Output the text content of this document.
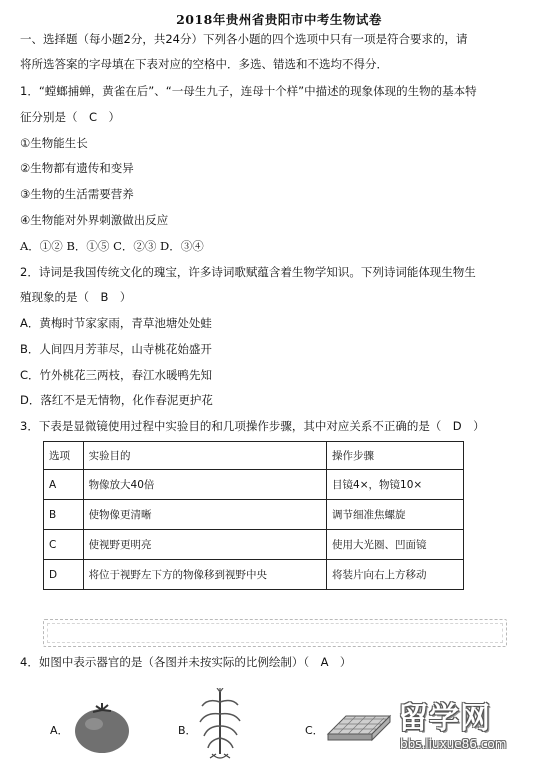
2018年贵州省贵阳市中考生物试卷
一、选择题（每小题2分，共24分）下列各小题的四个选项中只有一项是符合要求的，请
将所选答案的字母填在下表对应的空格中．多选、错选和不选均不得分．
1．“螳螂捕蝉，黄雀在后”、“一母生九子，连母十个样”中描述的现象体现的生物的基本特
征分别是（　C　）
①生物能生长
②生物都有遗传和变异
③生物的生活需要营养
④生物能对外界刺激做出反应
A．①② B．①⑤ C．②③ D．③④
2．诗词是我国传统文化的瑰宝，许多诗词歌赋蕴含着生物学知识。下列诗词能体现生物生
殖现象的是（　B　）
A．黄梅时节家家雨，青草池塘处处蛙
B．人间四月芳菲尽，山寺桃花始盛开
C．竹外桃花三两枝，春江水暖鸭先知
D．落红不是无情物，化作春泥更护花
3．下表是显微镜使用过程中实验目的和几项操作步骤，其中对应关系不正确的是（　D　）
选项	实验目的	操作步骤
A	物像放大40倍	目镜4×，物镜10×
B	使物像更清晰	调节细准焦螺旋
C	使视野更明亮	使用大光圈、凹面镜
D	将位于视野左下方的物像移到视野中央	将装片向右上方移动
4．如图中表示器官的是（各图并未按实际的比例绘制）（　A　）
A．	B．	C． 留学网
bbs.liuxue86.com
